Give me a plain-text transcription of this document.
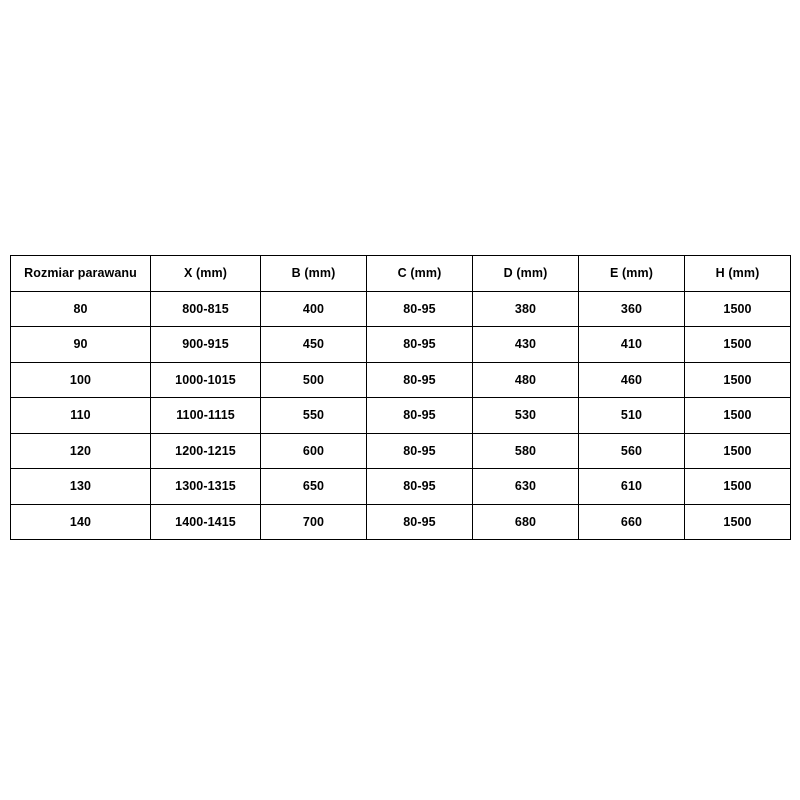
Rozmiar parawanu	X (mm)	B (mm)	C (mm)	D (mm)	E (mm)	H (mm)
80	800-815	400	80-95	380	360	1500
90	900-915	450	80-95	430	410	1500
100	1000-1015	500	80-95	480	460	1500
110	1100-1115	550	80-95	530	510	1500
120	1200-1215	600	80-95	580	560	1500
130	1300-1315	650	80-95	630	610	1500
140	1400-1415	700	80-95	680	660	1500
